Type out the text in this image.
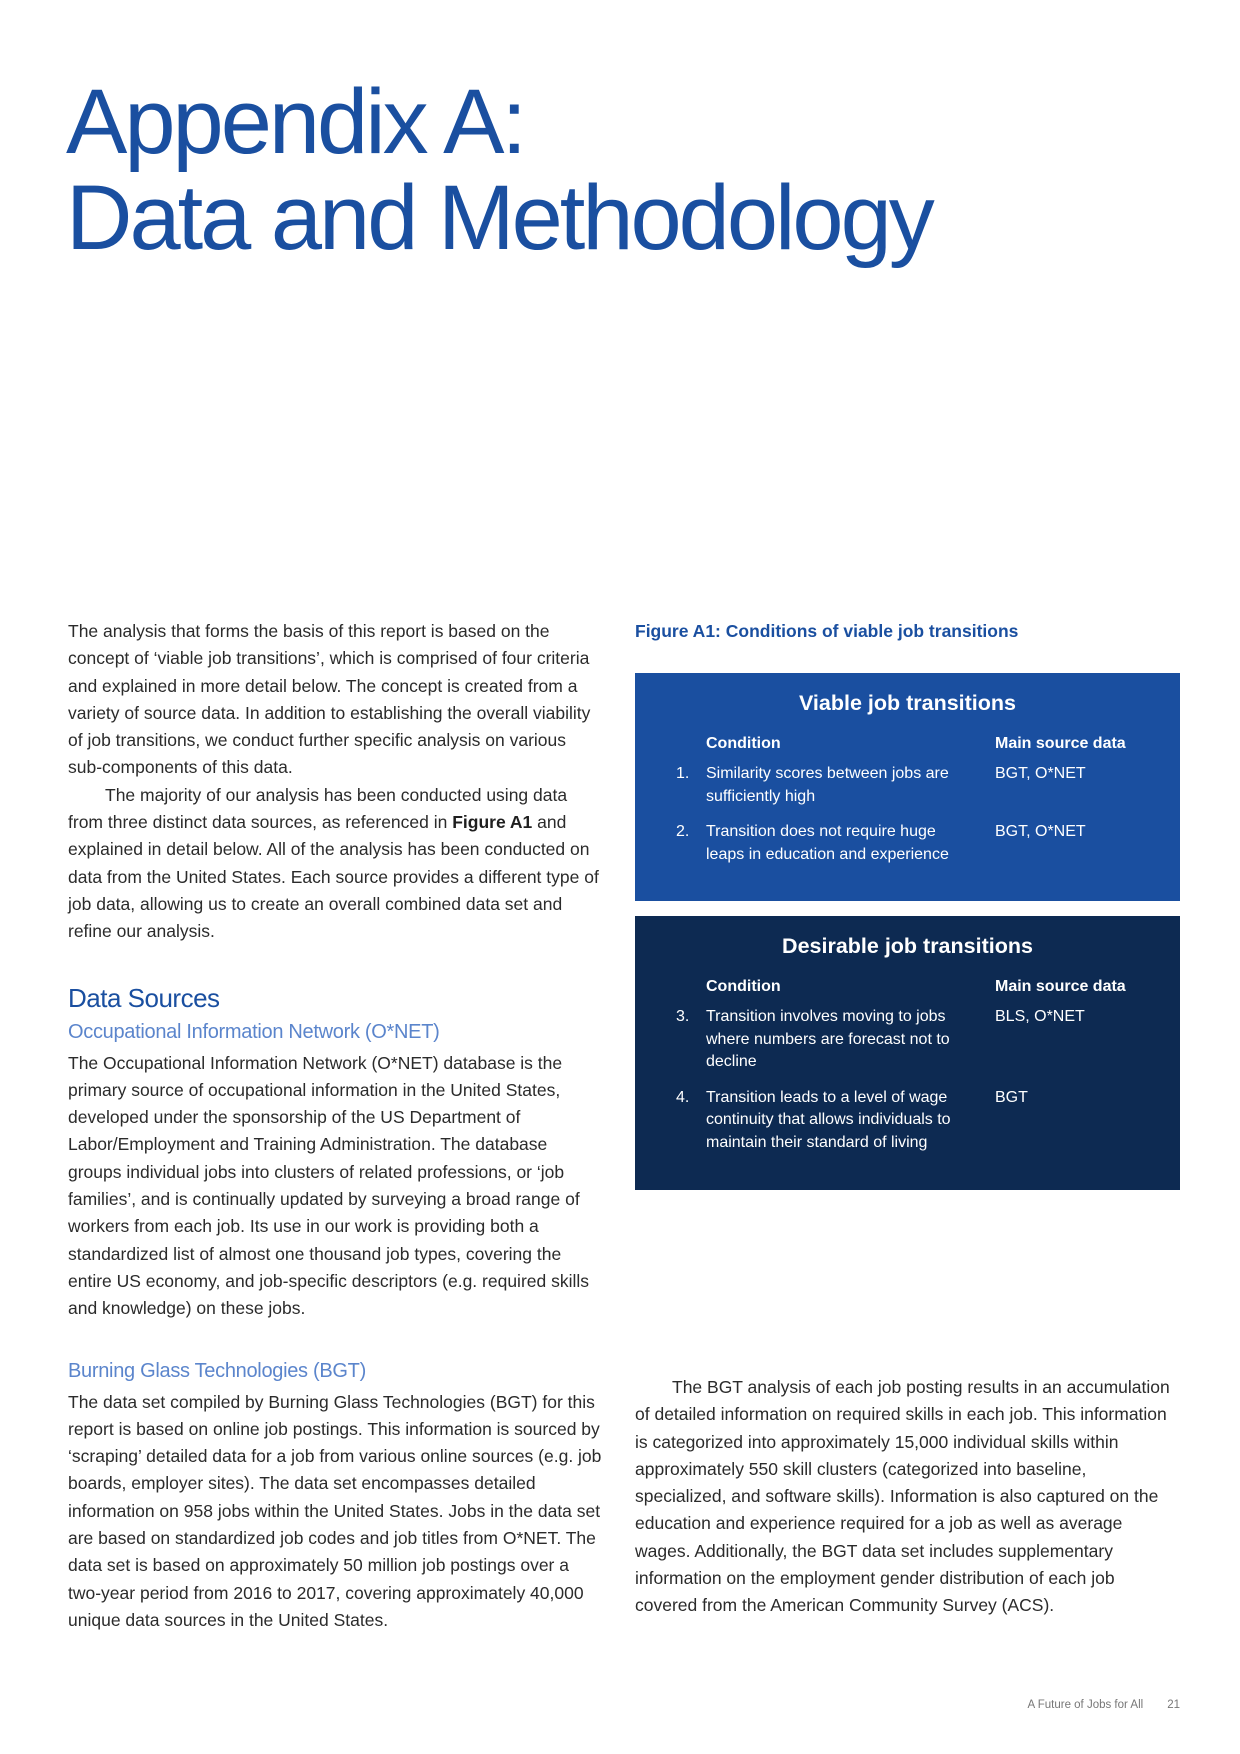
Appendix A:
Data and Methodology

The analysis that forms the basis of this report is based on the concept of ‘viable job transitions’, which is comprised of four criteria and explained in more detail below. The concept is created from a variety of source data. In addition to establishing the overall viability of job transitions, we conduct further specific analysis on various sub-components of this data.

The majority of our analysis has been conducted using data from three distinct data sources, as referenced in Figure A1 and explained in detail below. All of the analysis has been conducted on data from the United States. Each source provides a different type of job data, allowing us to create an overall combined data set and refine our analysis.

Data Sources
Occupational Information Network (O*NET)

The Occupational Information Network (O*NET) database is the primary source of occupational information in the United States, developed under the sponsorship of the US Department of Labor/Employment and Training Administration. The database groups individual jobs into clusters of related professions, or ‘job families’, and is continually updated by surveying a broad range of workers from each job. Its use in our work is providing both a standardized list of almost one thousand job types, covering the entire US economy, and job-specific descriptors (e.g. required skills and knowledge) on these jobs.

Burning Glass Technologies (BGT)

The data set compiled by Burning Glass Technologies (BGT) for this report is based on online job postings. This information is sourced by ‘scraping’ detailed data for a job from various online sources (e.g. job boards, employer sites). The data set encompasses detailed information on 958 jobs within the United States. Jobs in the data set are based on standardized job codes and job titles from O*NET. The data set is based on approximately 50 million job postings over a two-year period from 2016 to 2017, covering approximately 40,000 unique data sources in the United States.

Figure A1: Conditions of viable job transitions

Viable job transitions

Condition	Main source data
1. Similarity scores between jobs are sufficiently high
BGT, O*NET
2. Transition does not require huge leaps in education and experience
BGT, O*NET

Desirable job transitions

Condition	Main source data
3. Transition involves moving to jobs where numbers are forecast not to decline
BLS, O*NET
4. Transition leads to a level of wage continuity that allows individuals to maintain their standard of living
BGT

The BGT analysis of each job posting results in an accumulation of detailed information on required skills in each job. This information is categorized into approximately 15,000 individual skills within approximately 550 skill clusters (categorized into baseline, specialized, and software skills). Information is also captured on the education and experience required for a job as well as average wages. Additionally, the BGT data set includes supplementary information on the employment gender distribution of each job covered from the American Community Survey (ACS).

A Future of Jobs for All 21
